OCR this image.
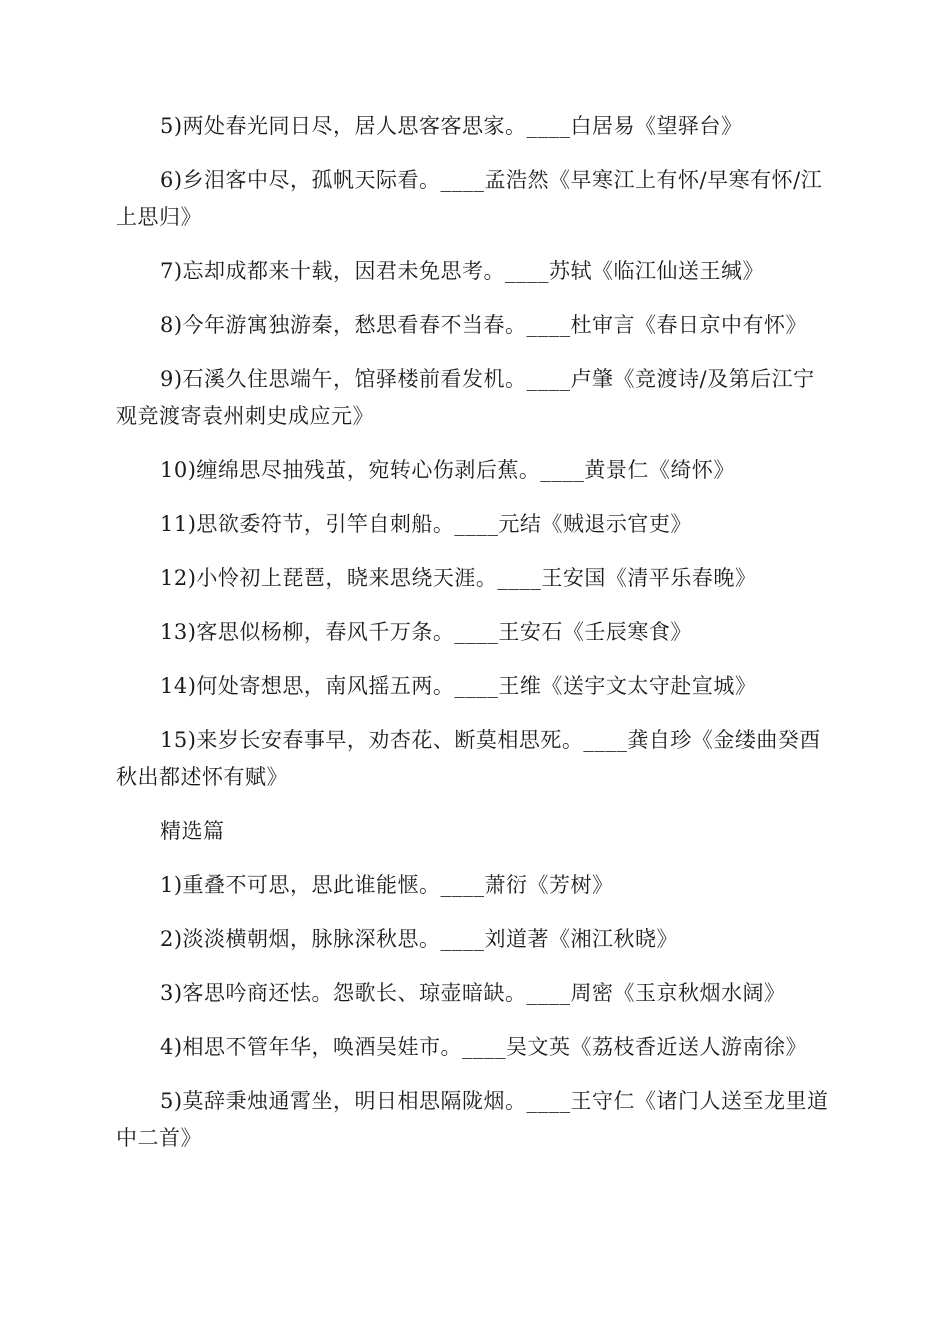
5)两处春光同日尽，居人思客客思家。____白居易《望驿台》

6)乡泪客中尽，孤帆天际看。____孟浩然《早寒江上有怀/早寒有怀/江上思归》

7)忘却成都来十载，因君未免思考。____苏轼《临江仙送王缄》

8)今年游寓独游秦，愁思看春不当春。____杜审言《春日京中有怀》

9)石溪久住思端午，馆驿楼前看发机。____卢肇《竞渡诗/及第后江宁观竞渡寄袁州刺史成应元》

10)缠绵思尽抽残茧，宛转心伤剥后蕉。____黄景仁《绮怀》

11)思欲委符节，引竿自刺船。____元结《贼退示官吏》

12)小怜初上琵琶，晓来思绕天涯。____王安国《清平乐春晚》

13)客思似杨柳，春风千万条。____王安石《壬辰寒食》

14)何处寄想思，南风摇五两。____王维《送宇文太守赴宣城》

15)来岁长安春事早，劝杏花、断莫相思死。____龚自珍《金缕曲癸酉秋出都述怀有赋》

精选篇

1)重叠不可思，思此谁能惬。____萧衍《芳树》

2)淡淡横朝烟，脉脉深秋思。____刘道著《湘江秋晓》

3)客思吟商还怯。怨歌长、琼壶暗缺。____周密《玉京秋烟水阔》

4)相思不管年华，唤酒吴娃市。____吴文英《荔枝香近送人游南徐》

5)莫辞秉烛通霄坐，明日相思隔陇烟。____王守仁《诸门人送至龙里道中二首》
